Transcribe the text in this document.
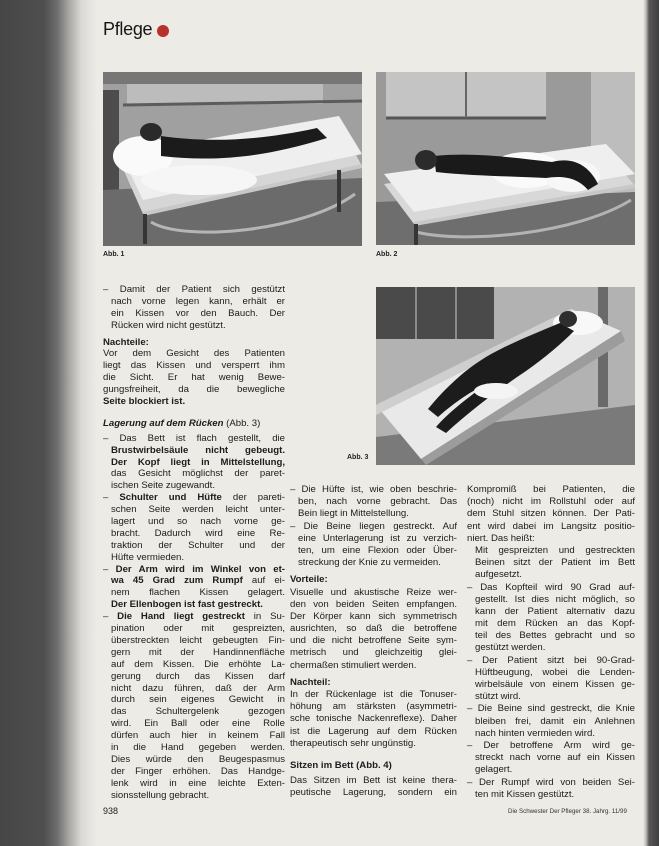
Pflege
Abb. 1	Abb. 2
Abb. 3
– Damit der Patient sich gestützt
nach vorne legen kann, erhält er
ein Kissen vor den Bauch. Der
Rücken wird nicht gestützt.
Nachteile:
Vor dem Gesicht des Patienten
liegt das Kissen und versperrt ihm
die Sicht. Er hat wenig Bewe-
gungsfreiheit, da die bewegliche
Seite blockiert ist.
Lagerung auf dem Rücken (Abb. 3)
– Das Bett ist flach gestellt, die
Brustwirbelsäule nicht gebeugt.
Der Kopf liegt in Mittelstellung,
das Gesicht möglichst der paret-
ischen Seite zugewandt.
– Schulter und Hüfte der pareti-
schen Seite werden leicht unter-
lagert und so nach vorne ge-
bracht. Dadurch wird eine Re-
traktion der Schulter und der
Hüfte vermieden.
– Der Arm wird im Winkel von et-
wa 45 Grad zum Rumpf auf ei-
nem flachen Kissen gelagert.
Der Ellenbogen ist fast gestreckt.
– Die Hand liegt gestreckt in Su-
pination oder mit gespreizten,
überstreckten leicht gebeugten Fin-
gern mit der Handinnenfläche
auf dem Kissen. Die erhöhte La-
gerung durch das Kissen darf
nicht dazu führen, daß der Arm
durch sein eigenes Gewicht in
das Schultergelenk gezogen
wird. Ein Ball oder eine Rolle
dürfen auch hier in keinem Fall
in die Hand gegeben werden.
Dies würde den Beugespasmus
der Finger erhöhen. Das Handge-
lenk wird in eine leichte Exten-
sionsstellung gebracht.
– Die Hüfte ist, wie oben beschrie-
ben, nach vorne gebracht. Das
Bein liegt in Mittelstellung.
– Die Beine liegen gestreckt. Auf
eine Unterlagerung ist zu verzich-
ten, um eine Flexion oder Über-
streckung der Knie zu vermeiden.
Vorteile:
Visuelle und akustische Reize wer-
den von beiden Seiten empfangen.
Der Körper kann sich symmetrisch
ausrichten, so daß die betroffene
und die nicht betroffene Seite sym-
metrisch und gleichzeitig glei-
chermaßen stimuliert werden.
Nachteil:
In der Rückenlage ist die Tonuser-
höhung am stärksten (asymmetri-
sche tonische Nackenreflexe). Daher
ist die Lagerung auf dem Rücken
therapeutisch sehr ungünstig.
Sitzen im Bett (Abb. 4)
Das Sitzen im Bett ist keine thera-
peutische Lagerung, sondern ein
Kompromiß bei Patienten, die
(noch) nicht im Rollstuhl oder auf
dem Stuhl sitzen können. Der Pati-
ent wird dabei im Langsitz positio-
niert. Das heißt:
Mit gespreizten und gestreckten
Beinen sitzt der Patient im Bett
aufgesetzt.
– Das Kopfteil wird 90 Grad auf-
gestellt. Ist dies nicht möglich, so
kann der Patient alternativ dazu
mit dem Rücken an das Kopf-
teil des Bettes gebracht und so
gestützt werden.
– Der Patient sitzt bei 90-Grad-
Hüftbeugung, wobei die Lenden-
wirbelsäule von einem Kissen ge-
stützt wird.
– Die Beine sind gestreckt, die Knie
bleiben frei, damit ein Anlehnen
nach hinten vermieden wird.
– Der betroffene Arm wird ge-
streckt nach vorne auf ein Kissen
gelagert.
– Der Rumpf wird von beiden Sei-
ten mit Kissen gestützt.
938	Die Schwester Der Pfleger 38. Jahrg. 11/99
